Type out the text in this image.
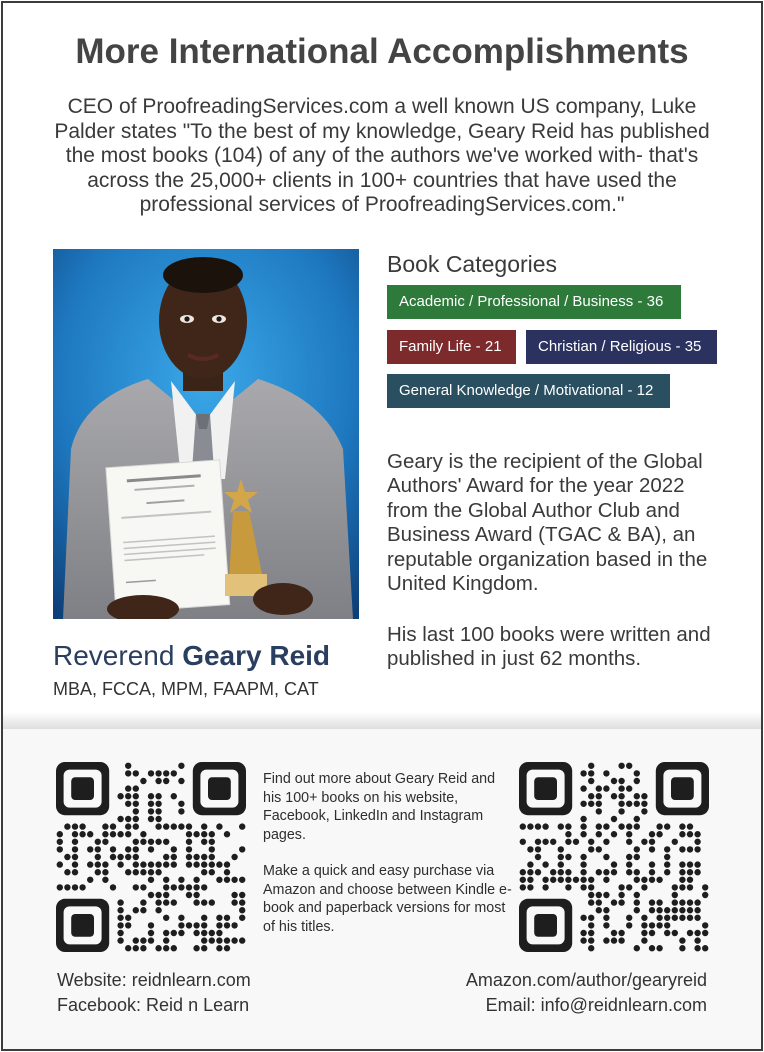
More International Accomplishments

CEO of ProofreadingServices.com a well known US company, Luke Palder states "To the best of my knowledge, Geary Reid has published the most books (104) of any of the authors we've worked with- that's across the 25,000+ clients in 100+ countries that have used the professional services of ProofreadingServices.com."

Reverend Geary Reid
MBA, FCCA, MPM, FAAPM, CAT
Book Categories
Academic / Professional / Business - 36
Family Life - 21	Christian / Religious - 35
General Knowledge / Motivational - 12

Geary is the recipient of the Global Authors' Award for the year 2022 from the Global Author Club and Business Award (TGAC & BA), an reputable organization based in the United Kingdom.

His last 100 books were written and published in just 62 months.

Find out more about Geary Reid and his 100+ books on his website, Facebook, LinkedIn and Instagram pages.

Make a quick and easy purchase via Amazon and choose between Kindle e-book and paperback versions for most of his titles.

Website: reidnlearn.com
Facebook: Reid n Learn
Amazon.com/author/gearyreid
Email: info@reidnlearn.com
